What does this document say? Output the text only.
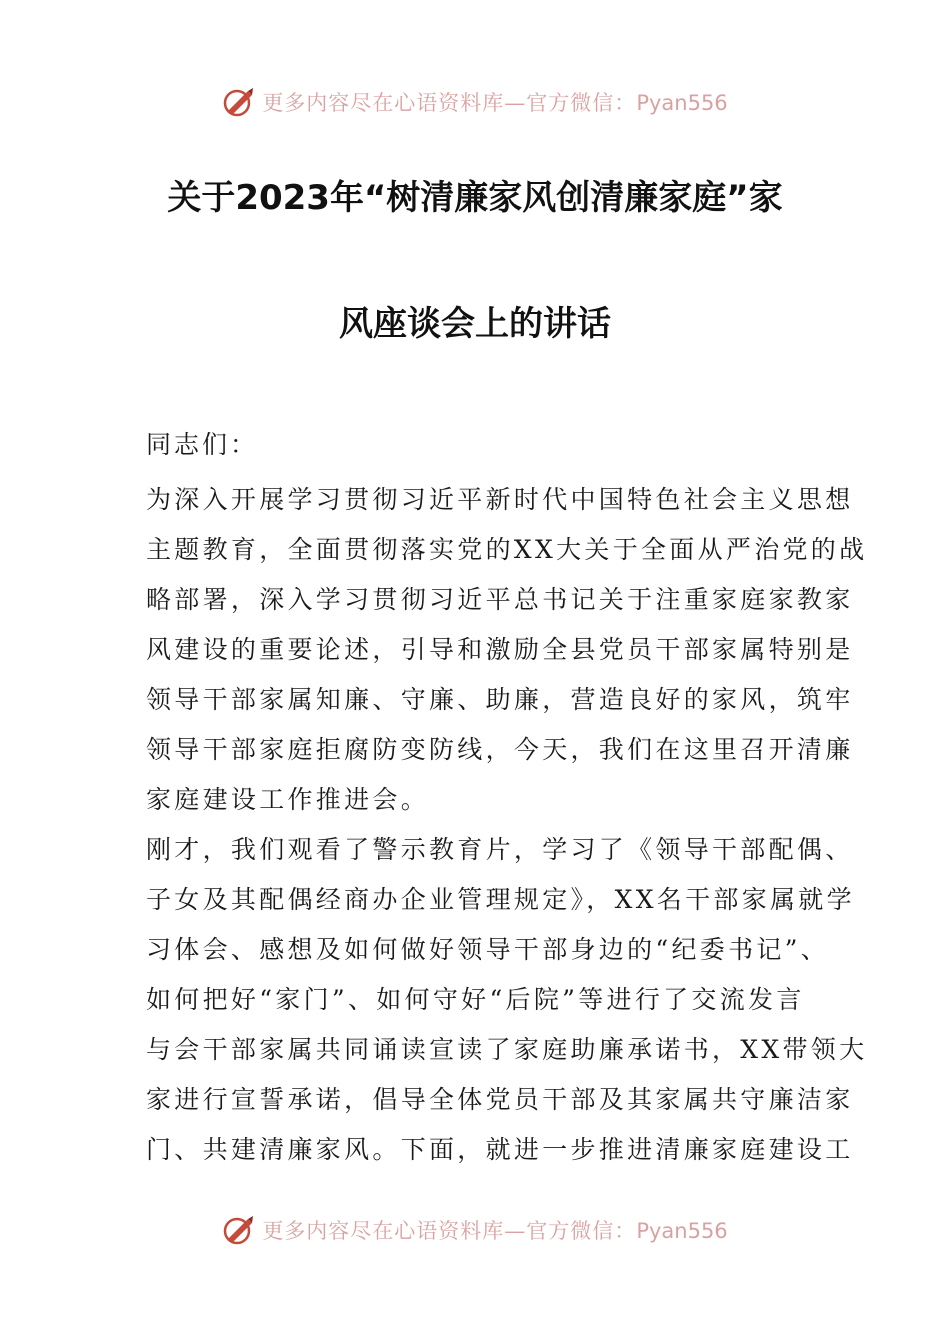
更多内容尽在心语资料库—官方微信：Pyan556
关于2023年“树清廉家风创清廉家庭”家
风座谈会上的讲话
同志们：
为深入开展学习贯彻习近平新时代中国特色社会主义思想
主题教育，全面贯彻落实党的XX大关于全面从严治党的战
略部署，深入学习贯彻习近平总书记关于注重家庭家教家
风建设的重要论述，引导和激励全县党员干部家属特别是
领导干部家属知廉、守廉、助廉，营造良好的家风，筑牢
领导干部家庭拒腐防变防线，今天，我们在这里召开清廉
家庭建设工作推进会。
刚才，我们观看了警示教育片，学习了《领导干部配偶、
子女及其配偶经商办企业管理规定》，XX名干部家属就学
习体会、感想及如何做好领导干部身边的“纪委书记”、
如何把好“家门”、如何守好“后院”等进行了交流发言
与会干部家属共同诵读宣读了家庭助廉承诺书，XX带领大
家进行宣誓承诺，倡导全体党员干部及其家属共守廉洁家
门、共建清廉家风。下面，就进一步推进清廉家庭建设工
更多内容尽在心语资料库—官方微信：Pyan556
